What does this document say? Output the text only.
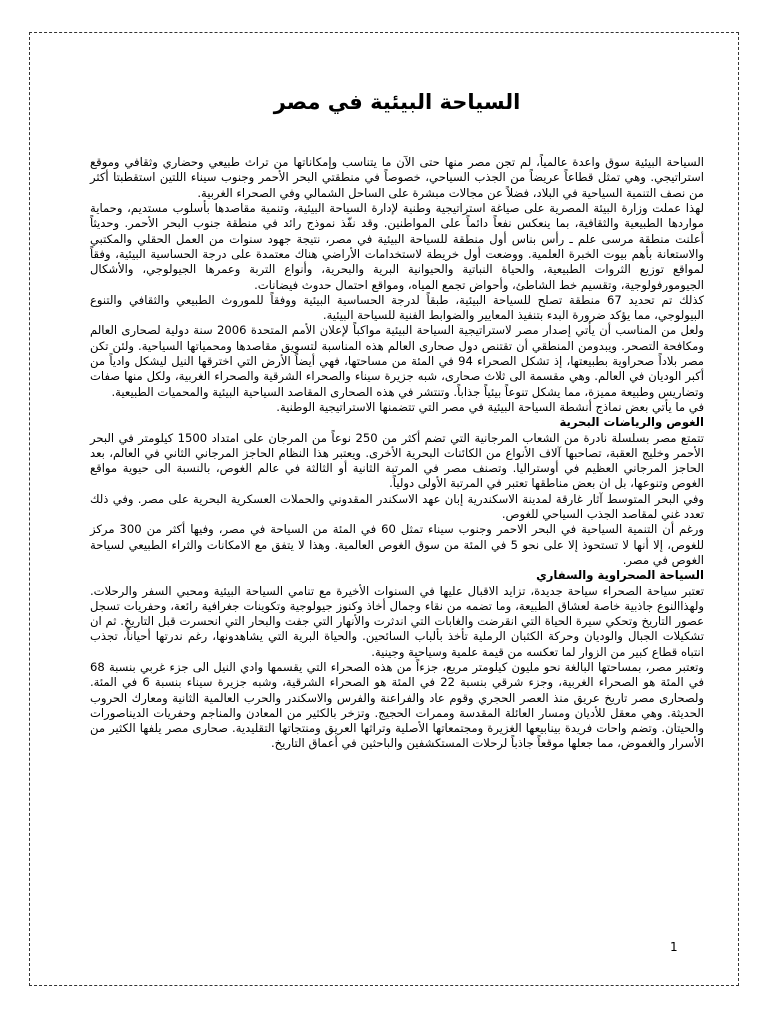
السياحة البيئية في مصر

السياحة البيئية سوق واعدة عالمياً، لم تجن مصر منها حتى الآن ما يتناسب وإمكاناتها من تراث طبيعي وحضاري وثقافي وموقع استراتيجي. وهي تمثل قطاعاً عريضاً من الجذب السياحي، خصوصاً في منطقتي البحر الأحمر وجنوب سيناء اللتين استقطبتا أكثر من نصف التنمية السياحية في البلاد، فضلاً عن مجالات مبشرة على الساحل الشمالي وفي الصحراء الغربية.

لهذا عملت وزارة البيئة المصرية على صياغة استراتيجية وطنية لإدارة السياحة البيئية، وتنمية مقاصدها بأسلوب مستديم، وحماية مواردها الطبيعية والثقافية، بما ينعكس نفعاً دائماً على المواطنين. وقد نفّذ نموذج رائد في منطقة جنوب البحر الأحمر. وحديثاً أعلنت منطقة مرسى علم ـ رأس بناس أول منطقة للسياحة البيئية في مصر، نتيجة جهود سنوات من العمل الحقلي والمكتبي والاستعانة بأهم بيوت الخبرة العلمية. ووضعت أول خريطة لاستخدامات الأراضي هناك معتمدة على درجة الحساسية البيئية، وفقاً لمواقع توزيع الثروات الطبيعية، والحياة النباتية والحيوانية البرية والبحرية، وأنواع التربة وعمرها الجيولوجي، والأشكال الجيومورفولوجية، وتقسيم خط الشاطئ، وأحواض تجمع المياه، ومواقع احتمال حدوث فيضانات.

كذلك تم تحديد 67 منطقة تصلح للسياحة البيئية، طبقاً لدرجة الحساسية البيئية ووفقاً للموروث الطبيعي والثقافي والتنوع البيولوجي، مما يؤكد ضرورة البدء بتنفيذ المعايير والضوابط الفنية للسياحة البيئية.

ولعل من المناسب أن يأتي إصدار مصر لاستراتيجية السياحة البيئية مواكباً لإعلان الأمم المتحدة 2006 سنة دولية لصحارى العالم ومكافحة التصحر. ويبدومن المنطقي أن تقتنص دول صحارى العالم هذه المناسبة لتسويق مقاصدها ومحمياتها السياحية. ولئن تكن مصر بلاداً صحراوية بطبيعتها، إذ تشكل الصحراء 94 في المئة من مساحتها، فهي أيضاً الأرض التي اخترقها النيل ليشكل وادياً من أكبر الوديان في العالم. وهي مقسمة الى ثلاث صحارى، شبه جزيرة سيناء والصحراء الشرقية والصحراء الغربية، ولكل منها صفات وتضاريس وطبيعة مميزة، مما يشكل تنوعاً بيئياً جذاباً. وتنتشر في هذه الصحارى المقاصد السياحية البيئية والمحميات الطبيعية.

في ما يأتي بعض نماذج أنشطة السياحة البيئية في مصر التي تتضمنها الاستراتيجية الوطنية.

الغوص والرياضات البحرية

تتمتع مصر بسلسلة نادرة من الشعاب المرجانية التي تضم أكثر من 250 نوعاً من المرجان على امتداد 1500 كيلومتر في البحر الأحمر وخليج العقبة، تصاحبها آلاف الأنواع من الكائنات البحرية الأخرى. ويعتبر هذا النظام الحاجز المرجاني الثاني في العالم، بعد الحاجز المرجاني العظيم في أوستراليا. وتصنف مصر في المرتبة الثانية أو الثالثة في عالم الغوص، بالنسبة الى حيوية مواقع الغوص وتنوعها، بل ان بعض مناطقها تعتبر في المرتبة الأولى دولياً.

وفي البحر المتوسط آثار غارقة لمدينة الاسكندرية إبان عهد الاسكندر المقدوني والحملات العسكرية البحرية على مصر. وفي ذلك تعدد غني لمقاصد الجذب السياحي للغوص.

ورغم أن التنمية السياحية في البحر الاحمر وجنوب سيناء تمثل 60 في المئة من السياحة في مصر، وفيها أكثر من 300 مركز للغوص، إلا أنها لا تستحوذ إلا على نحو 5 في المئة من سوق الغوص العالمية. وهذا لا يتفق مع الامكانات والثراء الطبيعي لسياحة الغوص في مصر.

السياحة الصحراوية والسفاري

تعتبر سياحة الصحراء سياحة جديدة، تزايد الاقبال عليها في السنوات الأخيرة مع تنامي السياحة البيئية ومحبي السفر والرحلات. ولهذاالنوع جاذبية خاصة لعشاق الطبيعة، وما تضمه من نقاء وجمال أخاذ وكنوز جيولوجية وتكوينات جغرافية رائعة، وحفريات تسجل عصور التاريخ وتحكي سيرة الحياة التي انقرضت والغابات التي اندثرت والأنهار التي جفت والبحار التي انحسرت قبل التاريخ. ثم ان تشكيلات الجبال والوديان وحركة الكثبان الرملية تأخذ بألباب السائحين. والحياة البرية التي يشاهدونها، رغم ندرتها أحياناً، تجذب انتباه قطاع كبير من الزوار لما تعكسه من قيمة علمية وسياحية وجينية.

وتعتبر مصر، بمساحتها البالغة نحو مليون كيلومتر مربع، جزءاً من هذه الصحراء التي يقسمها وادي النيل الى جزء غربي بنسبة 68 في المئة هو الصحراء الغربية، وجزء شرقي بنسبة 22 في المئة هو الصحراء الشرقية، وشبه جزيرة سيناء بنسبة 6 في المئة. ولصحارى مصر تاريخ عريق منذ العصر الحجري وقوم عاد والفراعنة والفرس والاسكندر والحرب العالمية الثانية ومعارك الحروب الحديثة. وهي معقل للأديان ومسار العائلة المقدسة وممرات الحجيج. وتزخر بالكثير من المعادن والمناجم وحفريات الديناصورات والحيتان. وتضم واحات فريدة بينابيعها الغزيرة ومجتمعاتها الأصلية وتراثها العريق ومنتجاتها التقليدية. صحارى مصر يلفها الكثير من الأسرار والغموض، مما جعلها موقعاً جاذباً لرحلات المستكشفين والباحثين في أعماق التاريخ.

1
